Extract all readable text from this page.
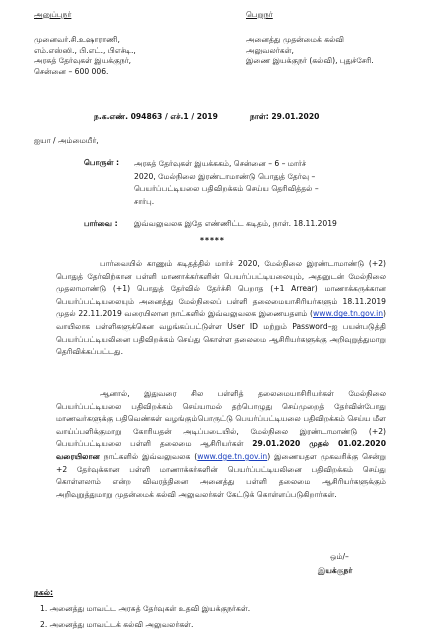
அனுப்புநர்	பெறுநர்
முனைவர்.சி.உஷாராணி,
எம்.எஸ்ஸி., பி.எட்., பிஎச்டி.,
அரசுத் தேர்வுகள் இயக்குநர்,
சென்னை – 600 006.
அனைத்து முதன்மைக் கல்வி
அலுவலர்கள்,
இணை இயக்குநர் (கல்வி), புதுச்சேரி.
ந.க.எண். 094863 / எச்.1 / 2019	நாள்: 29.01.2020
ஐயா / அம்மையீர்,
பொருள் : அரசுத் தேர்வுகள் இயக்ககம், சென்னை – 6 – மார்ச்
2020, மேல்நிலை இரண்டாமாண்டு பொதுத் தேர்வு –
பெயர்ப்பட்டியலை பதிவிறக்கம் செய்ய தெரிவித்தல் –
சார்பு.
பார்வை : இவ்வலுவலக இதே எண்ணிட்ட கடிதம், நாள். 18.11.2019
*****

பார்வையில் காணும் கடிதத்தில் மார்ச் 2020, மேல்நிலை இரண்டாமாண்டு (+2) பொதுத் தேர்விற்கான பள்ளி மாணாக்கர்களின் பெயர்ப்பட்டியலையும், அதனுடன் மேல்நிலை முதலாமாண்டு (+1) பொதுத் தேர்வில் தேர்ச்சி பெறாத (+1 Arrear) மாணாக்கருக்கான பெயர்ப்பட்டியலையும் அனைத்து மேல்நிலைப் பள்ளி தலைமையாசிரியர்களும் 18.11.2019 முதல் 22.11.2019 வரையிலான நாட்களில் இவ்வலுவலக இணையதளம் (www.dge.tn.gov.in) வாயிலாக பள்ளிகளுக்கென வழங்கப்பட்டுள்ள User ID மற்றும் Password–ஐ பயன்படுத்தி பெயர்ப்பட்டியலினை பதிவிறக்கம் செய்து கொள்ள தலைமை ஆசிரியர்களுக்கு அறிவுறுத்துமாறு தெரிவிக்கப்பட்டது.

ஆனால், இதுவரை சில பள்ளித் தலைமையாசிரியர்கள் மேல்நிலை பெயர்ப்பட்டியலை பதிவிறக்கம் செய்யாமல் தற்பொழுது செய்முறைத் தேர்வின்போது மாணவர்களுக்கு பதிவெண்கள் வழங்கும்பொருட்டு பெயர்ப்பட்டியலை பதிவிறக்கம் செய்ய மீள வாய்ப்பளிக்குமாறு கோரியதன் அடிப்படையில், மேல்நிலை இரண்டாமாண்டு (+2) பெயர்ப்பட்டியலை பள்ளி தலைமை ஆசிரியர்கள் 29.01.2020 முதல் 01.02.2020 வரையிலான நாட்களில் இவ்வலுவலக (www.dge.tn.gov.in) இணையதள முகவரிக்கு சென்று +2 தேர்வுக்கான பள்ளி மாணாக்கர்களின் பெயர்ப்பட்டியலினை பதிவிறக்கம் செய்து கொள்ளலாம் என்ற விவரத்தினை அனைத்து பள்ளி தலைமை ஆசிரியர்களுக்கும் அறிவுறுத்துமாறு முதன்மைக் கல்வி அலுவலர்கள் கேட்டுக் கொள்ளப்படுகிறார்கள்.

ஒம்/–
இயக்குநர்
நகல்:
1. அனைத்து மாவட்ட அரசுத் தேர்வுகள் உதவி இயக்குநர்கள்.
2. அனைத்து மாவட்டக் கல்வி அலுவலர்கள்.
